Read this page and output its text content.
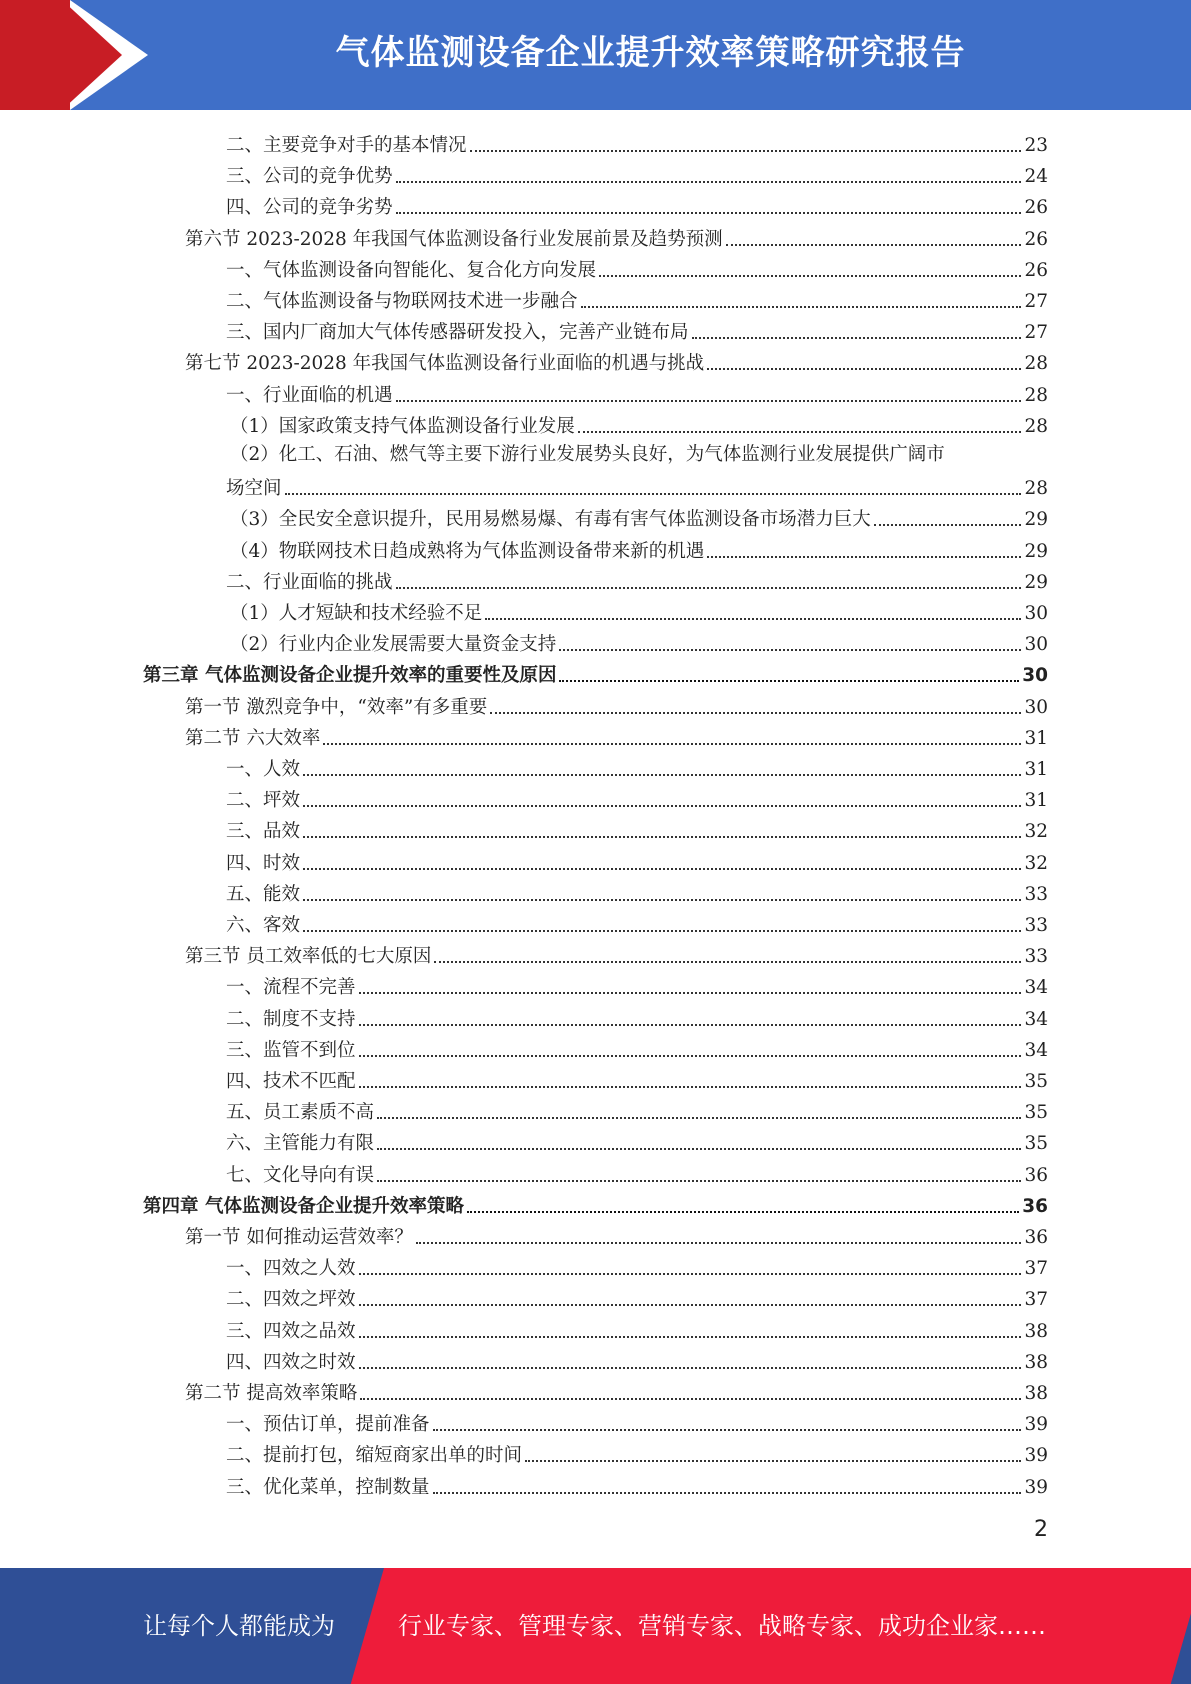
气体监测设备企业提升效率策略研究报告
二、主要竞争对手的基本情况	23
三、公司的竞争优势	24
四、公司的竞争劣势	26
第六节 2023-2028 年我国气体监测设备行业发展前景及趋势预测	26
一、气体监测设备向智能化、复合化方向发展	26
二、气体监测设备与物联网技术进一步融合	27
三、国内厂商加大气体传感器研发投入，完善产业链布局	27
第七节 2023-2028 年我国气体监测设备行业面临的机遇与挑战	28
一、行业面临的机遇	28
（1）国家政策支持气体监测设备行业发展	28
（2）化工、石油、燃气等主要下游行业发展势头良好，为气体监测行业发展提供广阔市
场空间	28
（3）全民安全意识提升，民用易燃易爆、有毒有害气体监测设备市场潜力巨大	29
（4）物联网技术日趋成熟将为气体监测设备带来新的机遇	29
二、行业面临的挑战	29
（1）人才短缺和技术经验不足	30
（2）行业内企业发展需要大量资金支持	30
第三章 气体监测设备企业提升效率的重要性及原因	30
第一节 激烈竞争中，“效率”有多重要	30
第二节 六大效率	31
一、人效	31
二、坪效	31
三、品效	32
四、时效	32
五、能效	33
六、客效	33
第三节 员工效率低的七大原因	33
一、流程不完善	34
二、制度不支持	34
三、监管不到位	34
四、技术不匹配	35
五、员工素质不高	35
六、主管能力有限	35
七、文化导向有误	36
第四章 气体监测设备企业提升效率策略	36
第一节 如何推动运营效率？	36
一、四效之人效	37
二、四效之坪效	37
三、四效之品效	38
四、四效之时效	38
第二节 提高效率策略	38
一、预估订单，提前准备	39
二、提前打包，缩短商家出单的时间	39
三、优化菜单，控制数量	39
2
让每个人都能成为	行业专家、管理专家、营销专家、战略专家、成功企业家……
